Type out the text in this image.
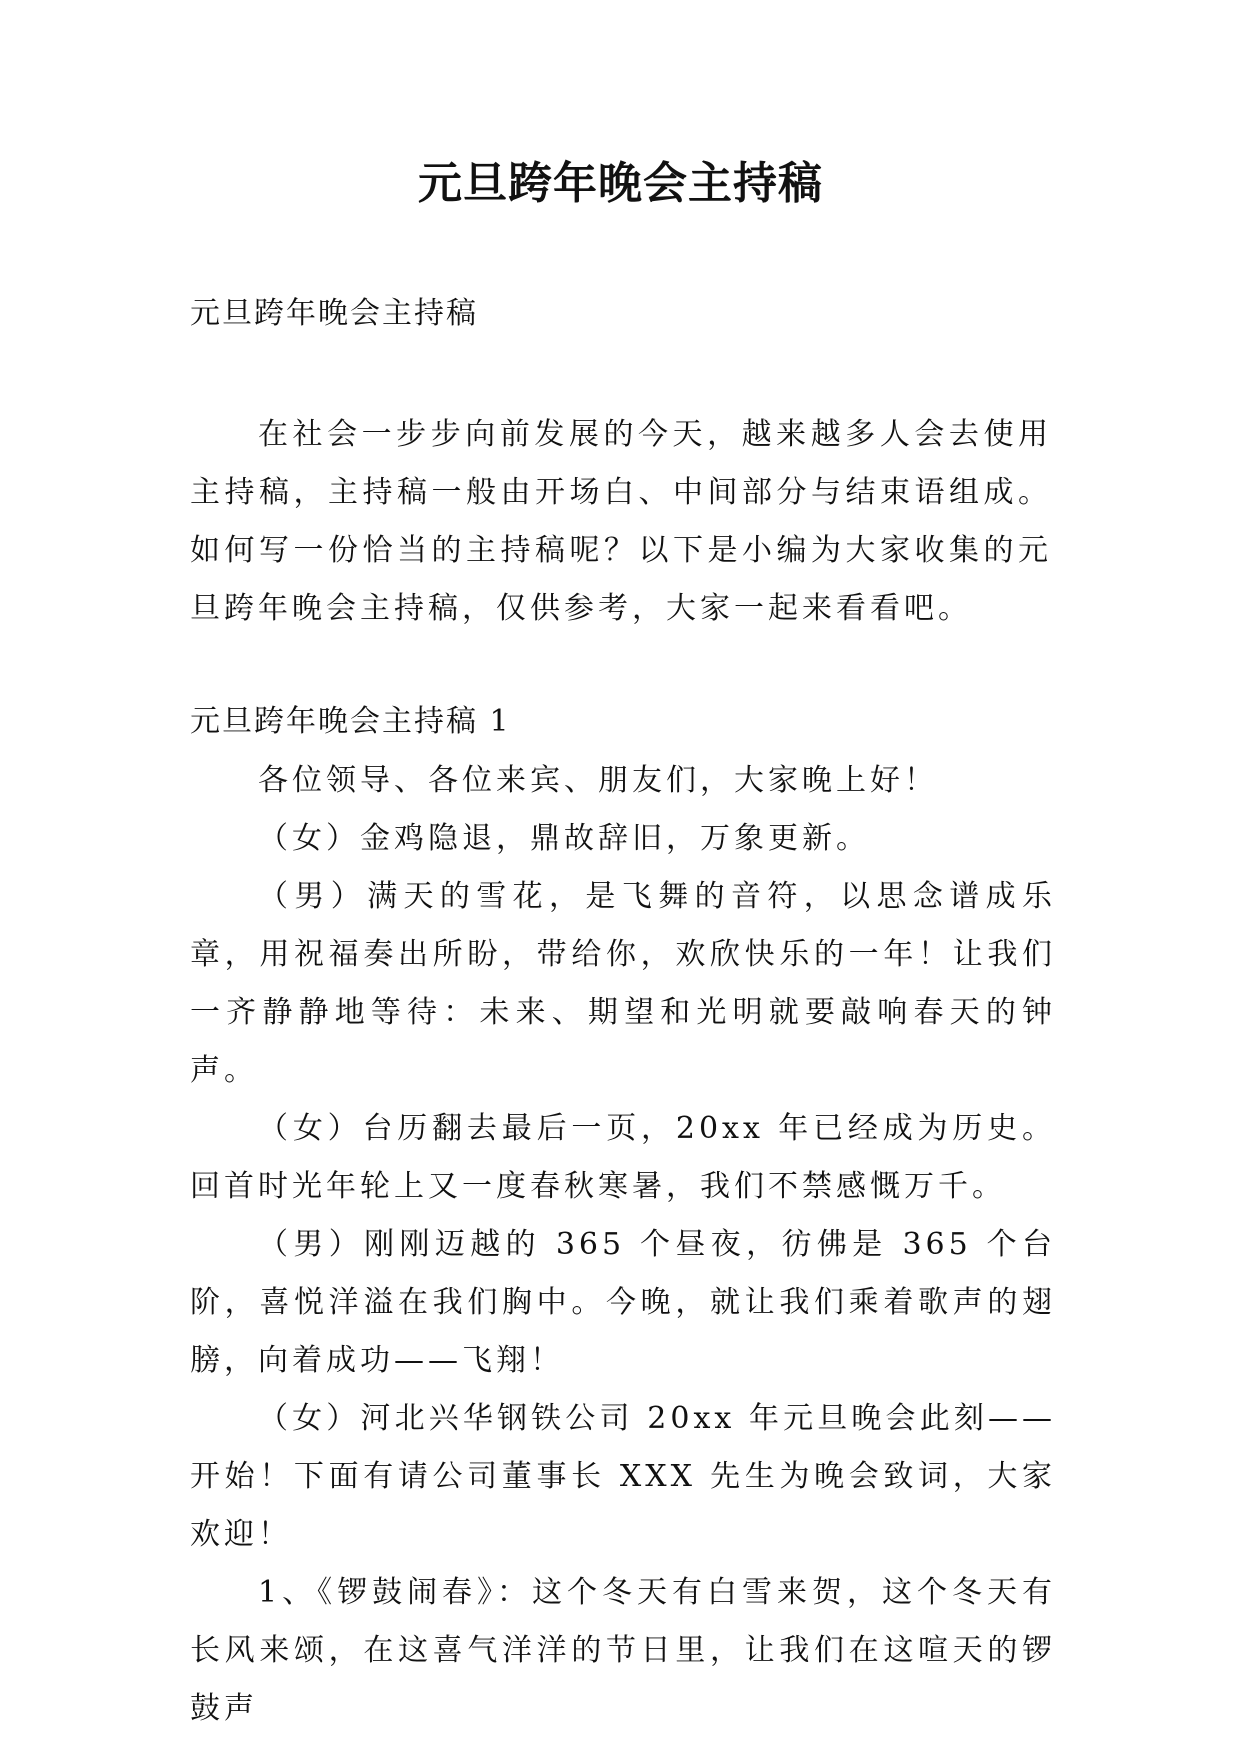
元旦跨年晚会主持稿
元旦跨年晚会主持稿
在社会一步步向前发展的今天，越来越多人会去使用主持稿，主持稿一般由开场白、中间部分与结束语组成。如何写一份恰当的主持稿呢？以下是小编为大家收集的元旦跨年晚会主持稿，仅供参考，大家一起来看看吧。
元旦跨年晚会主持稿 1

各位领导、各位来宾、朋友们，大家晚上好！

（女）金鸡隐退，鼎故辞旧，万象更新。

（男）满天的雪花，是飞舞的音符，以思念谱成乐章，用祝福奏出所盼，带给你，欢欣快乐的一年！让我们一齐静静地等待：未来、期望和光明就要敲响春天的钟声。

（女）台历翻去最后一页，20xx 年已经成为历史。回首时光年轮上又一度春秋寒暑，我们不禁感慨万千。

（男）刚刚迈越的 365 个昼夜，彷佛是 365 个台阶，喜悦洋溢在我们胸中。今晚，就让我们乘着歌声的翅膀，向着成功——飞翔！

（女）河北兴华钢铁公司 20xx 年元旦晚会此刻——开始！下面有请公司董事长 XXX 先生为晚会致词，大家欢迎！

1、《锣鼓闹春》：这个冬天有白雪来贺，这个冬天有长风来颂，在这喜气洋洋的节日里，让我们在这喧天的锣鼓声
